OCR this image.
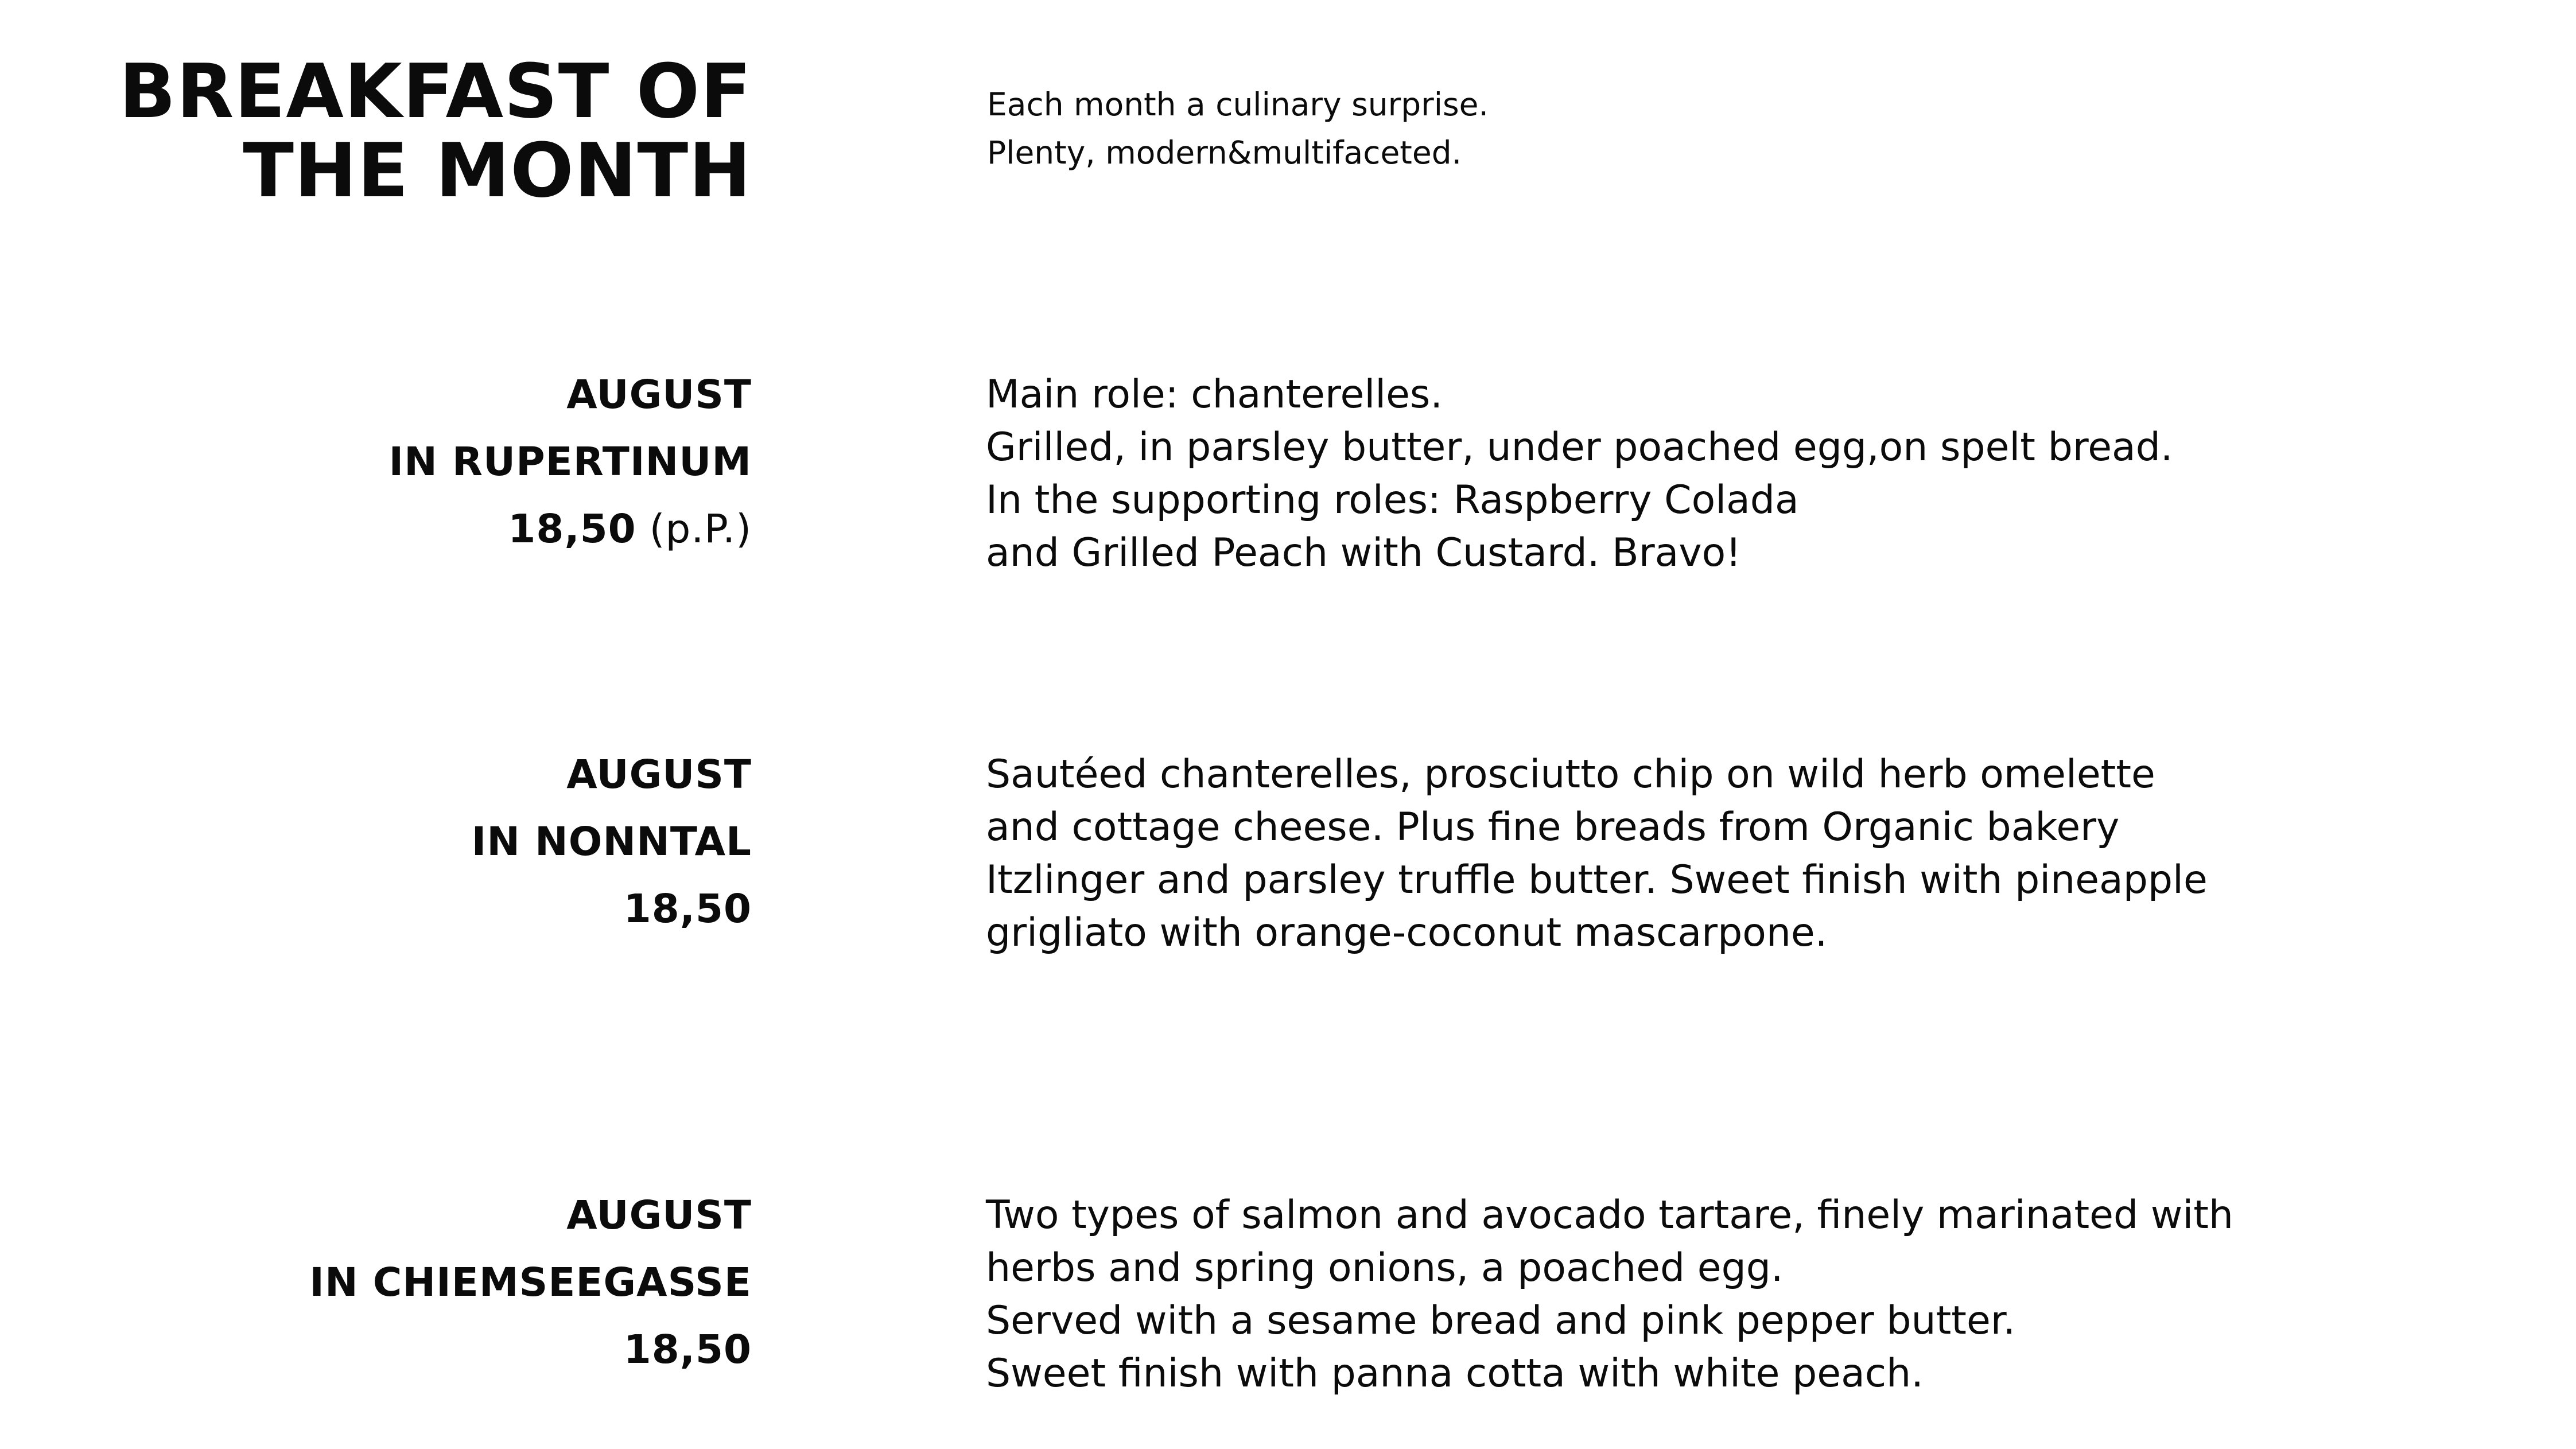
BREAKFAST OF
THE MONTH
Each month a culinary surprise.
Plenty, modern&multifaceted.
AUGUST
IN RUPERTINUM
18,50 (p.P.)
Main role: chanterelles.
Grilled, in parsley butter, under poached egg,on spelt bread.
In the supporting roles: Raspberry Colada
and Grilled Peach with Custard. Bravo!
AUGUST
IN NONNTAL
18,50
Sautéed chanterelles, prosciutto chip on wild herb omelette
and cottage cheese. Plus fine breads from Organic bakery
Itzlinger and parsley truffle butter. Sweet finish with pineapple
grigliato with orange-coconut mascarpone.
AUGUST
IN CHIEMSEEGASSE
18,50
Two types of salmon and avocado tartare, finely marinated with
herbs and spring onions, a poached egg.
Served with a sesame bread and pink pepper butter.
Sweet finish with panna cotta with white peach.
